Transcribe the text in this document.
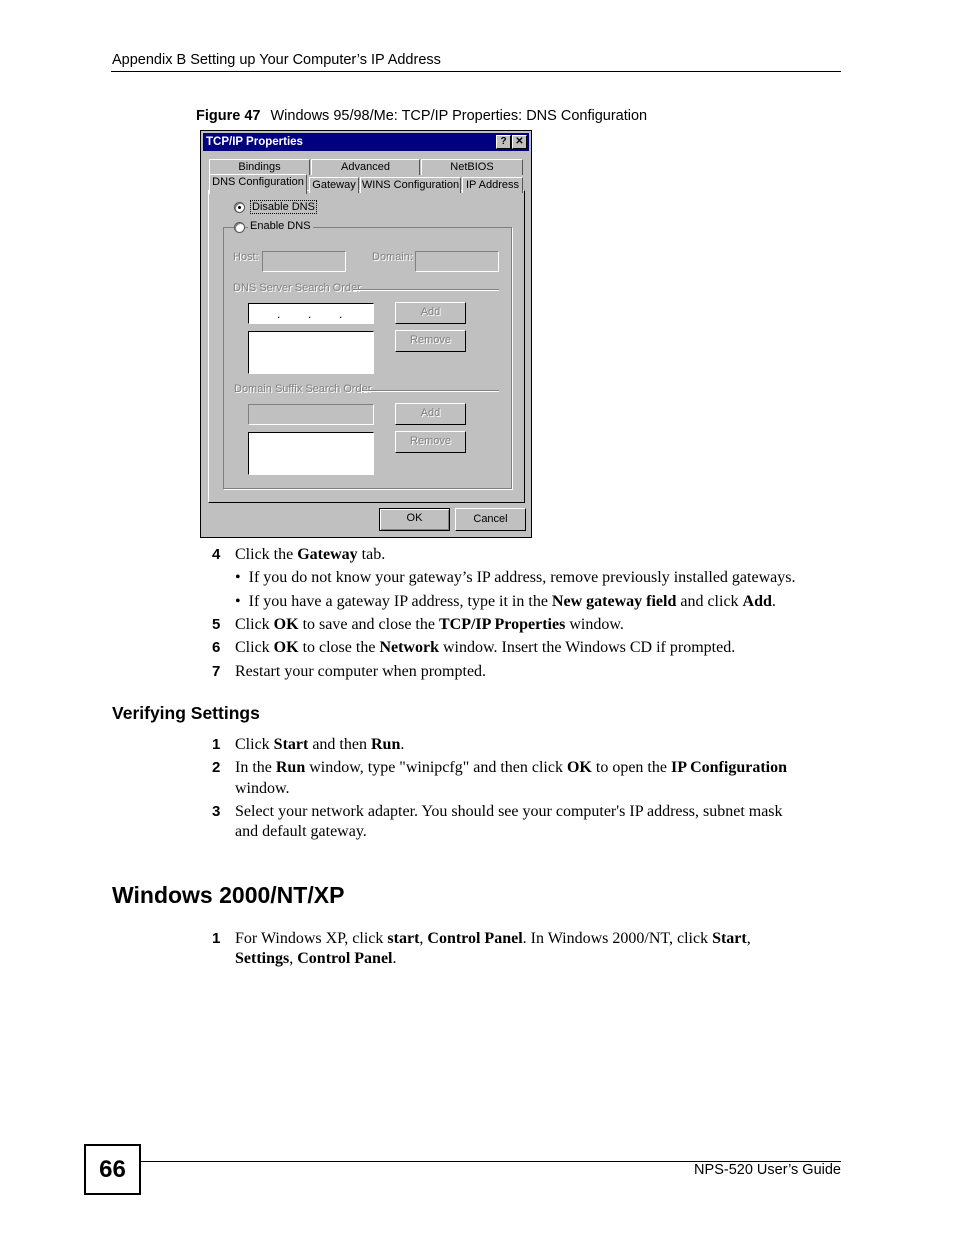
Appendix B Setting up Your Computer’s IP Address
Figure 47 Windows 95/98/Me: TCP/IP Properties: DNS Configuration
TCP/IP Properties	? ✕
Bindings	Advanced	NetBIOS
DNS Configuration Gateway WINS Configuration IP Address
Disable DNS
Enable DNS
Host:	Domain:
DNS Server Search Order
. . .	Add
Remove
Domain Suffix Search Order
Add
Remove
OK	Cancel
4 Click the Gateway tab.
• If you do not know your gateway’s IP address, remove previously installed gateways.
• If you have a gateway IP address, type it in the New gateway field and click Add.
5 Click OK to save and close the TCP/IP Properties window.
6 Click OK to close the Network window. Insert the Windows CD if prompted.
7 Restart your computer when prompted.
Verifying Settings
1 Click Start and then Run.
2 In the Run window, type "winipcfg" and then click OK to open the IP Configuration
window.
3 Select your network adapter. You should see your computer's IP address, subnet mask
and default gateway.
Windows 2000/NT/XP
1 For Windows XP, click start, Control Panel. In Windows 2000/NT, click Start,
Settings, Control Panel.
66	NPS-520 User’s Guide
